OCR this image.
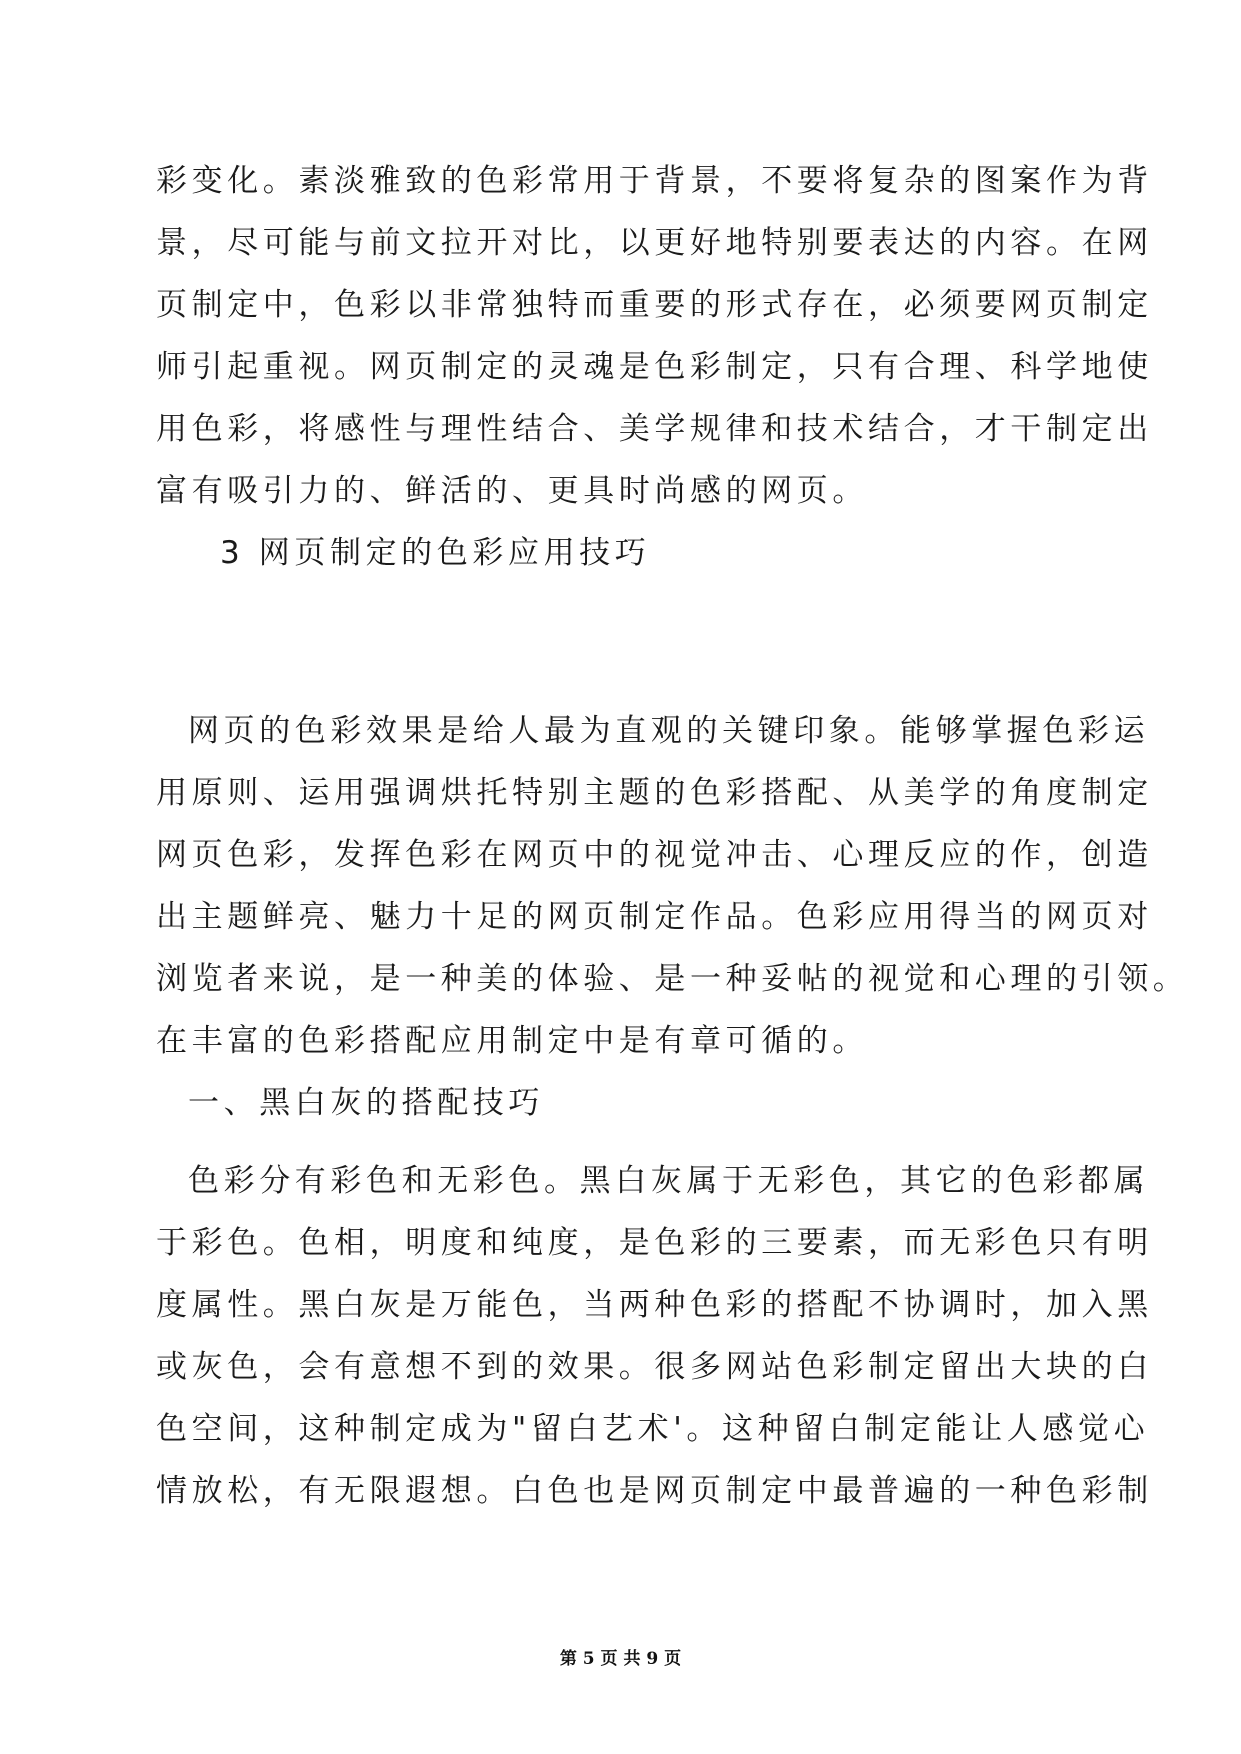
彩变化。素淡雅致的色彩常用于背景，不要将复杂的图案作为背
景，尽可能与前文拉开对比，以更好地特别要表达的内容。在网
页制定中，色彩以非常独特而重要的形式存在，必须要网页制定
师引起重视。网页制定的灵魂是色彩制定，只有合理、科学地使
用色彩，将感性与理性结合、美学规律和技术结合，才干制定出
富有吸引力的、鲜活的、更具时尚感的网页。
3 网页制定的色彩应用技巧
网页的色彩效果是给人最为直观的关键印象。能够掌握色彩运
用原则、运用强调烘托特别主题的色彩搭配、从美学的角度制定
网页色彩，发挥色彩在网页中的视觉冲击、心理反应的作，创造
出主题鲜亮、魅力十足的网页制定作品。色彩应用得当的网页对
浏览者来说，是一种美的体验、是一种妥帖的视觉和心理的引领。
在丰富的色彩搭配应用制定中是有章可循的。
一、黑白灰的搭配技巧
色彩分有彩色和无彩色。黑白灰属于无彩色，其它的色彩都属
于彩色。色相，明度和纯度，是色彩的三要素，而无彩色只有明
度属性。黑白灰是万能色，当两种色彩的搭配不协调时，加入黑
或灰色，会有意想不到的效果。很多网站色彩制定留出大块的白
色空间，这种制定成为"留白艺术'。这种留白制定能让人感觉心
情放松，有无限遐想。白色也是网页制定中最普遍的一种色彩制
第 5 页 共 9 页
